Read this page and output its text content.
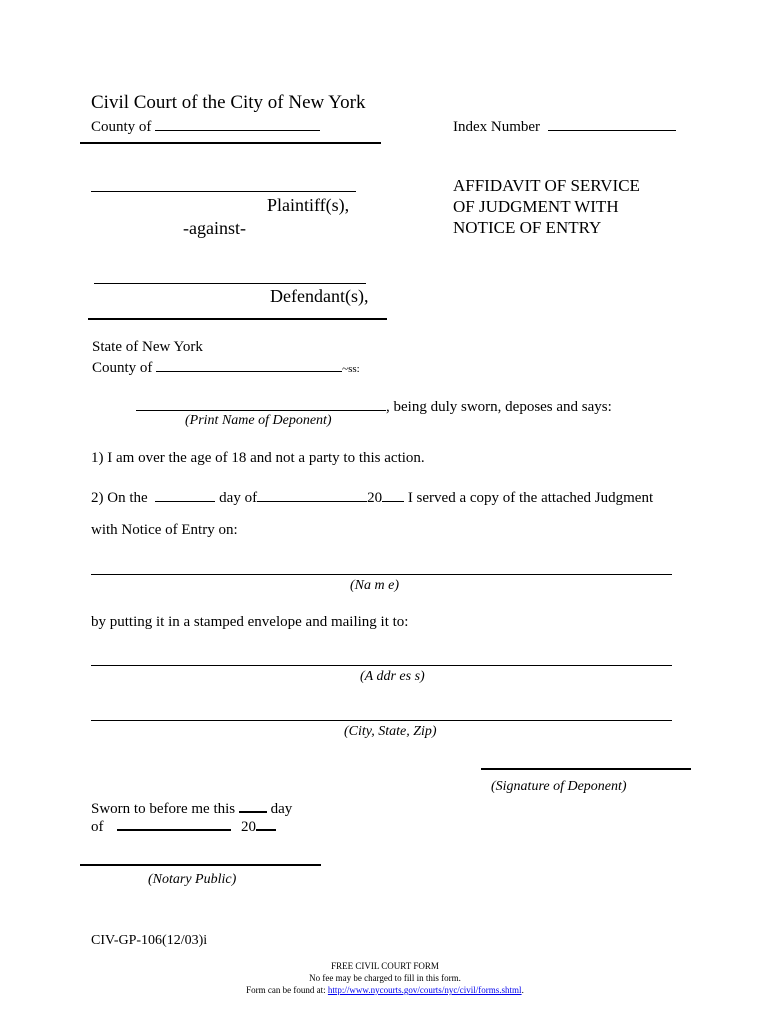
Civil Court of the City of New York
County of	Index Number
Plaintiff(s),
-against-
Defendant(s),
AFFIDAVIT OF SERVICE
OF JUDGMENT WITH
NOTICE OF ENTRY
State of New York
County of	~ss:
, being duly sworn, deposes and says:
(Print Name of Deponent)
1) I am over the age of 18 and not a party to this action.
2) On the	day of	20 I served a copy of the attached Judgment
with Notice of Entry on:
(Na m e)
by putting it in a stamped envelope and mailing it to:
(A ddr es s)
(City, State, Zip)
(Signature of Deponent)
Sworn to before me this day
of	20
(Notary Public)
CIV-GP-106(12/03)i
FREE CIVIL COURT FORM
No fee may be charged to fill in this form.
Form can be found at: http://www.nycourts.gov/courts/nyc/civil/forms.shtml.
